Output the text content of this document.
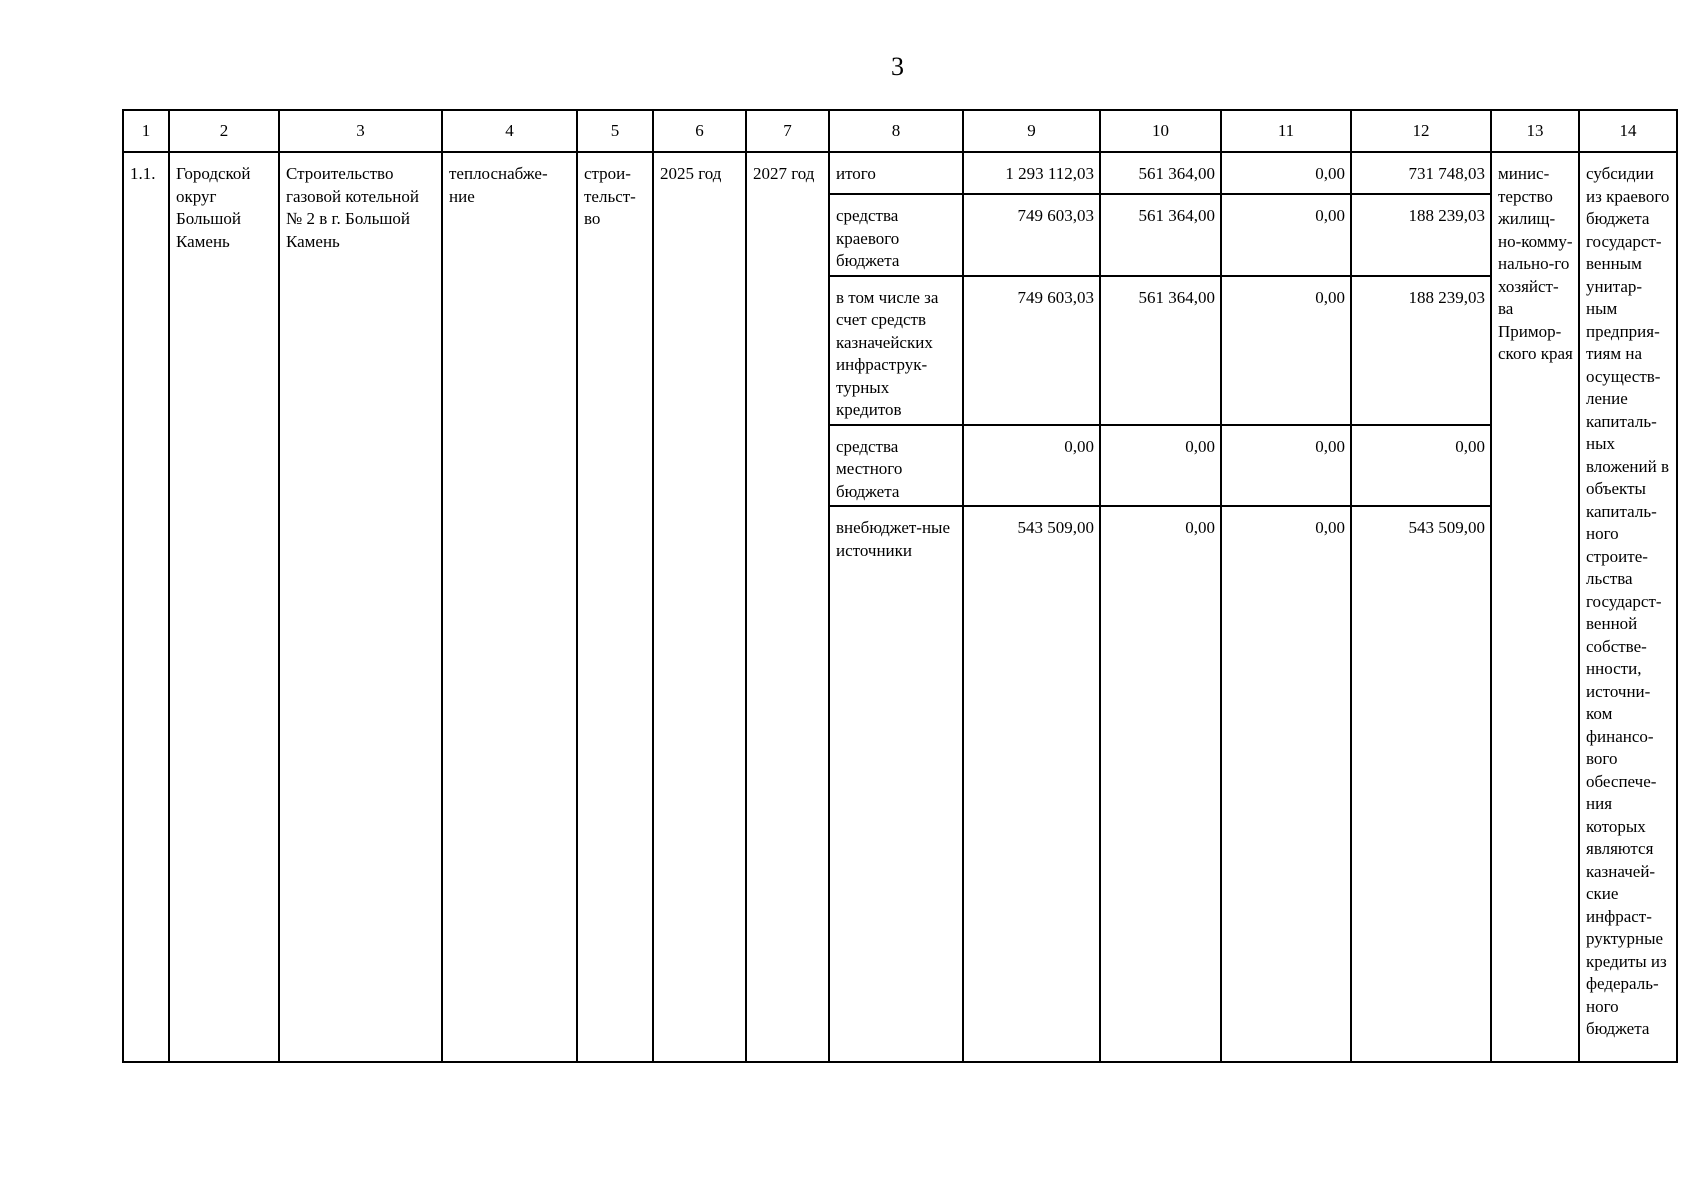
3
1	2	3	4	5	6	7	8	9	10	11	12	13	14
1.1.	Городской округ Большой Камень	Строительство газовой котельной № 2 в г. Большой Камень	теплоснабже-ние	строи-тельст-во	2025 год	2027 год	итого	1 293 112,03	561 364,00	0,00	731 748,03	минис-терство жилищ-но-комму-нально-го хозяйст-ва Примор-ского края	субсидии из краевого бюджета государст-венным унитар-ным предприя-тиям на осуществ-ление капиталь-ных вложений в объекты капиталь-ного строите-льства государст-венной собстве-нности, источни-ком финансо-вого обеспече-ния которых являются казначей-ские инфраст-руктурные кредиты из федераль-ного бюджета
							средства краевого бюджета	749 603,03	561 364,00	0,00	188 239,03		
							в том числе за счет средств казначейских инфраструк-турных кредитов	749 603,03	561 364,00	0,00	188 239,03		
							средства местного бюджета	0,00	0,00	0,00	0,00		
							внебюджет-ные источники	543 509,00	0,00	0,00	543 509,00		
